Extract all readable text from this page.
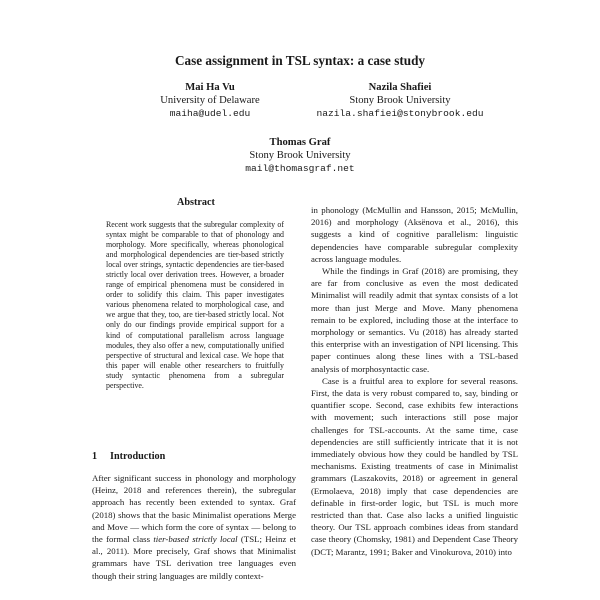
Case assignment in TSL syntax: a case study
Mai Ha Vu
University of Delaware
maiha@udel.edu
Nazila Shafiei
Stony Brook University
nazila.shafiei@stonybrook.edu
Thomas Graf
Stony Brook University
mail@thomasgraf.net
Abstract

Recent work suggests that the subregular complexity of syntax might be comparable to that of phonology and morphology. More specifically, whereas phonological and morphological dependencies are tier-based strictly local over strings, syntactic dependencies are tier-based strictly local over derivation trees. However, a broader range of empirical phenomena must be considered in order to solidify this claim. This paper investigates various phenomena related to morphological case, and we argue that they, too, are tier-based strictly local. Not only do our findings provide empirical support for a kind of computational parallelism across language modules, they also offer a new, computationally unified perspective of structural and lexical case. We hope that this paper will enable other researchers to fruitfully study syntactic phenomena from a subregular perspective.

1 Introduction

After significant success in phonology and morphology (Heinz, 2018 and references therein), the subregular approach has recently been extended to syntax. Graf (2018) shows that the basic Minimalist operations Merge and Move — which form the core of syntax — belong to the formal class tier-based strictly local (TSL; Heinz et al., 2011). More precisely, Graf shows that Minimalist grammars have TSL derivation tree languages even though their string languages are mildly context-

in phonology (McMullin and Hansson, 2015; McMullin, 2016) and morphology (Aksënova et al., 2016), this suggests a kind of cognitive parallelism: linguistic dependencies have comparable subregular complexity across language modules.

While the findings in Graf (2018) are promising, they are far from conclusive as even the most dedicated Minimalist will readily admit that syntax consists of a lot more than just Merge and Move. Many phenomena remain to be explored, including those at the interface to morphology or semantics. Vu (2018) has already started this enterprise with an investigation of NPI licensing. This paper continues along these lines with a TSL-based analysis of morphosyntactic case.

Case is a fruitful area to explore for several reasons. First, the data is very robust compared to, say, binding or quantifier scope. Second, case exhibits few interactions with movement; such interactions still pose major challenges for TSL-accounts. At the same time, case dependencies are still sufficiently intricate that it is not immediately obvious how they could be handled by TSL mechanisms. Existing treatments of case in Minimalist grammars (Laszakovits, 2018) or agreement in general (Ermolaeva, 2018) imply that case dependencies are definable in first-order logic, but TSL is much more restricted than that. Case also lacks a unified linguistic theory. Our TSL approach combines ideas from standard case theory (Chomsky, 1981) and Dependent Case Theory (DCT; Marantz, 1991; Baker and Vinokurova, 2010) into
